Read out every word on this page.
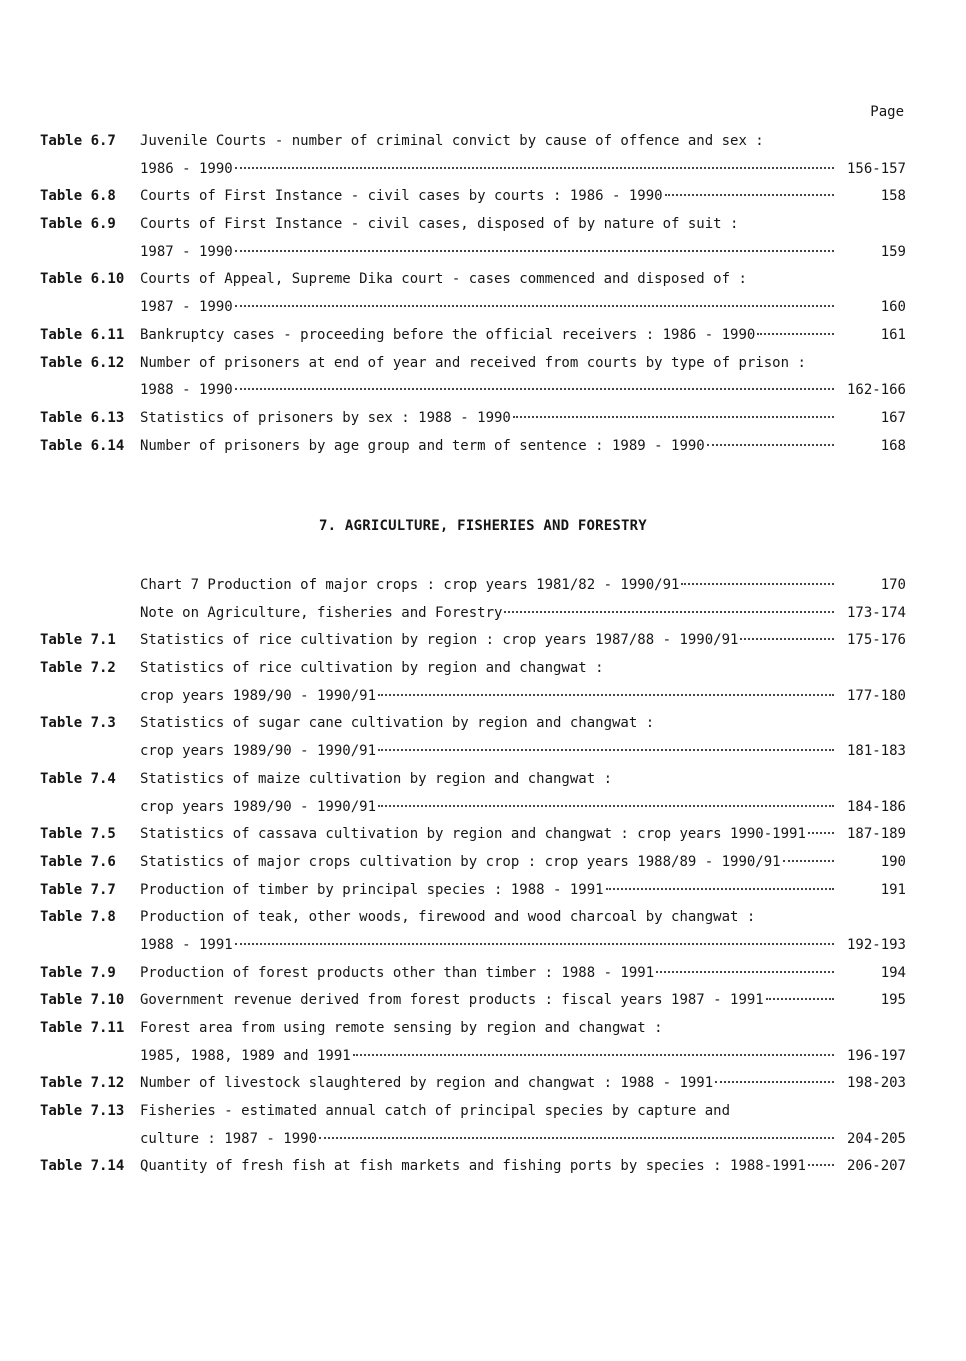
Page
Table 6.7 Juvenile Courts - number of criminal convict by cause of offence and sex :
1986 - 1990	156-157
Table 6.8 Courts of First Instance - civil cases by courts : 1986 - 1990	158
Table 6.9 Courts of First Instance - civil cases, disposed of by nature of suit :
1987 - 1990	159
Table 6.10 Courts of Appeal, Supreme Dika court - cases commenced and disposed of :
1987 - 1990	160
Table 6.11 Bankruptcy cases - proceeding before the official receivers : 1986 - 1990	161
Table 6.12 Number of prisoners at end of year and received from courts by type of prison :
1988 - 1990	162-166
Table 6.13 Statistics of prisoners by sex : 1988 - 1990	167
Table 6.14 Number of prisoners by age group and term of sentence : 1989 - 1990	168
7. AGRICULTURE, FISHERIES AND FORESTRY
Chart 7 Production of major crops : crop years 1981/82 - 1990/91	170
Note on Agriculture, fisheries and Forestry	173-174
Table 7.1 Statistics of rice cultivation by region : crop years 1987/88 - 1990/91	175-176
Table 7.2 Statistics of rice cultivation by region and changwat :
crop years 1989/90 - 1990/91	177-180
Table 7.3 Statistics of sugar cane cultivation by region and changwat :
crop years 1989/90 - 1990/91	181-183
Table 7.4 Statistics of maize cultivation by region and changwat :
crop years 1989/90 - 1990/91	184-186
Table 7.5 Statistics of cassava cultivation by region and changwat : crop years 1990-1991	187-189
Table 7.6 Statistics of major crops cultivation by crop : crop years 1988/89 - 1990/91	190
Table 7.7 Production of timber by principal species : 1988 - 1991	191
Table 7.8 Production of teak, other woods, firewood and wood charcoal by changwat :
1988 - 1991	192-193
Table 7.9 Production of forest products other than timber : 1988 - 1991	194
Table 7.10 Government revenue derived from forest products : fiscal years 1987 - 1991	195
Table 7.11 Forest area from using remote sensing by region and changwat :
1985, 1988, 1989 and 1991	196-197
Table 7.12 Number of livestock slaughtered by region and changwat : 1988 - 1991	198-203
Table 7.13 Fisheries - estimated annual catch of principal species by capture and
culture : 1987 - 1990	204-205
Table 7.14 Quantity of fresh fish at fish markets and fishing ports by species : 1988-1991	206-207
